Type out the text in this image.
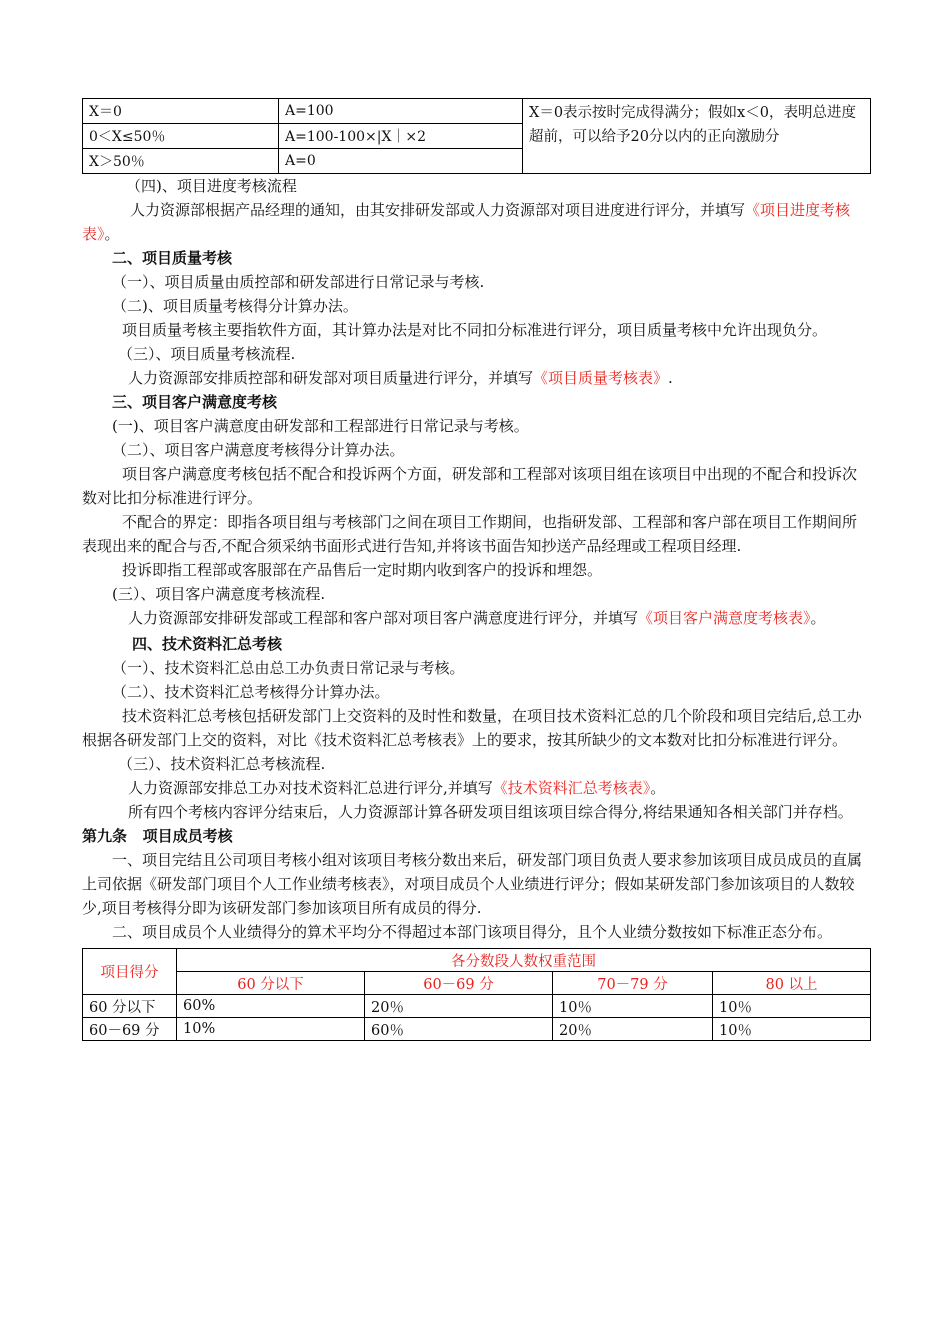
X＝0	A=100	X＝0表示按时完成得满分；假如x＜0，表明总进度超前，可以给予20分以内的正向激励分
0＜X≤50％	A=100-100×|X｜×2	
X＞50％	A=0	

（四)、项目进度考核流程

人力资源部根据产品经理的通知，由其安排研发部或人力资源部对项目进度进行评分，并填写《项目进度考核表》。

二、项目质量考核

（一）、项目质量由质控部和研发部进行日常记录与考核.

（二)、项目质量考核得分计算办法。

项目质量考核主要指软件方面，其计算办法是对比不同扣分标准进行评分，项目质量考核中允许出现负分。

（三）、项目质量考核流程.

人力资源部安排质控部和研发部对项目质量进行评分，并填写《项目质量考核表》.

三、项目客户满意度考核

(一)、项目客户满意度由研发部和工程部进行日常记录与考核。

（二）、项目客户满意度考核得分计算办法。

项目客户满意度考核包括不配合和投诉两个方面，研发部和工程部对该项目组在该项目中出现的不配合和投诉次数对比扣分标准进行评分。

不配合的界定：即指各项目组与考核部门之间在项目工作期间，也指研发部、工程部和客户部在项目工作期间所表现出来的配合与否,不配合须采纳书面形式进行告知,并将该书面告知抄送产品经理或工程项目经理.

投诉即指工程部或客服部在产品售后一定时期内收到客户的投诉和埋怨。

(三）、项目客户满意度考核流程.

人力资源部安排研发部或工程部和客户部对项目客户满意度进行评分，并填写《项目客户满意度考核表》。

四、技术资料汇总考核

（一）、技术资料汇总由总工办负责日常记录与考核。

（二）、技术资料汇总考核得分计算办法。

技术资料汇总考核包括研发部门上交资料的及时性和数量，在项目技术资料汇总的几个阶段和项目完结后,总工办根据各研发部门上交的资料，对比《技术资料汇总考核表》上的要求，按其所缺少的文本数对比扣分标准进行评分。

（三）、技术资料汇总考核流程.

人力资源部安排总工办对技术资料汇总进行评分,并填写《技术资料汇总考核表》。

所有四个考核内容评分结束后，人力资源部计算各研发项目组该项目综合得分,将结果通知各相关部门并存档。

第九条   项目成员考核

一、项目完结且公司项目考核小组对该项目考核分数出来后，研发部门项目负责人要求参加该项目成员成员的直属上司依据《研发部门项目个人工作业绩考核表》，对项目成员个人业绩进行评分；假如某研发部门参加该项目的人数较少,项目考核得分即为该研发部门参加该项目所有成员的得分.

二、项目成员个人业绩得分的算术平均分不得超过本部门该项目得分，且个人业绩分数按如下标准正态分布。

项目得分	各分数段人数权重范围			
	60 分以下	60－69 分	70－79 分	80 以上
60 分以下	60%	20％	10％	10％
60－69 分	10%	60％	20％	10％
